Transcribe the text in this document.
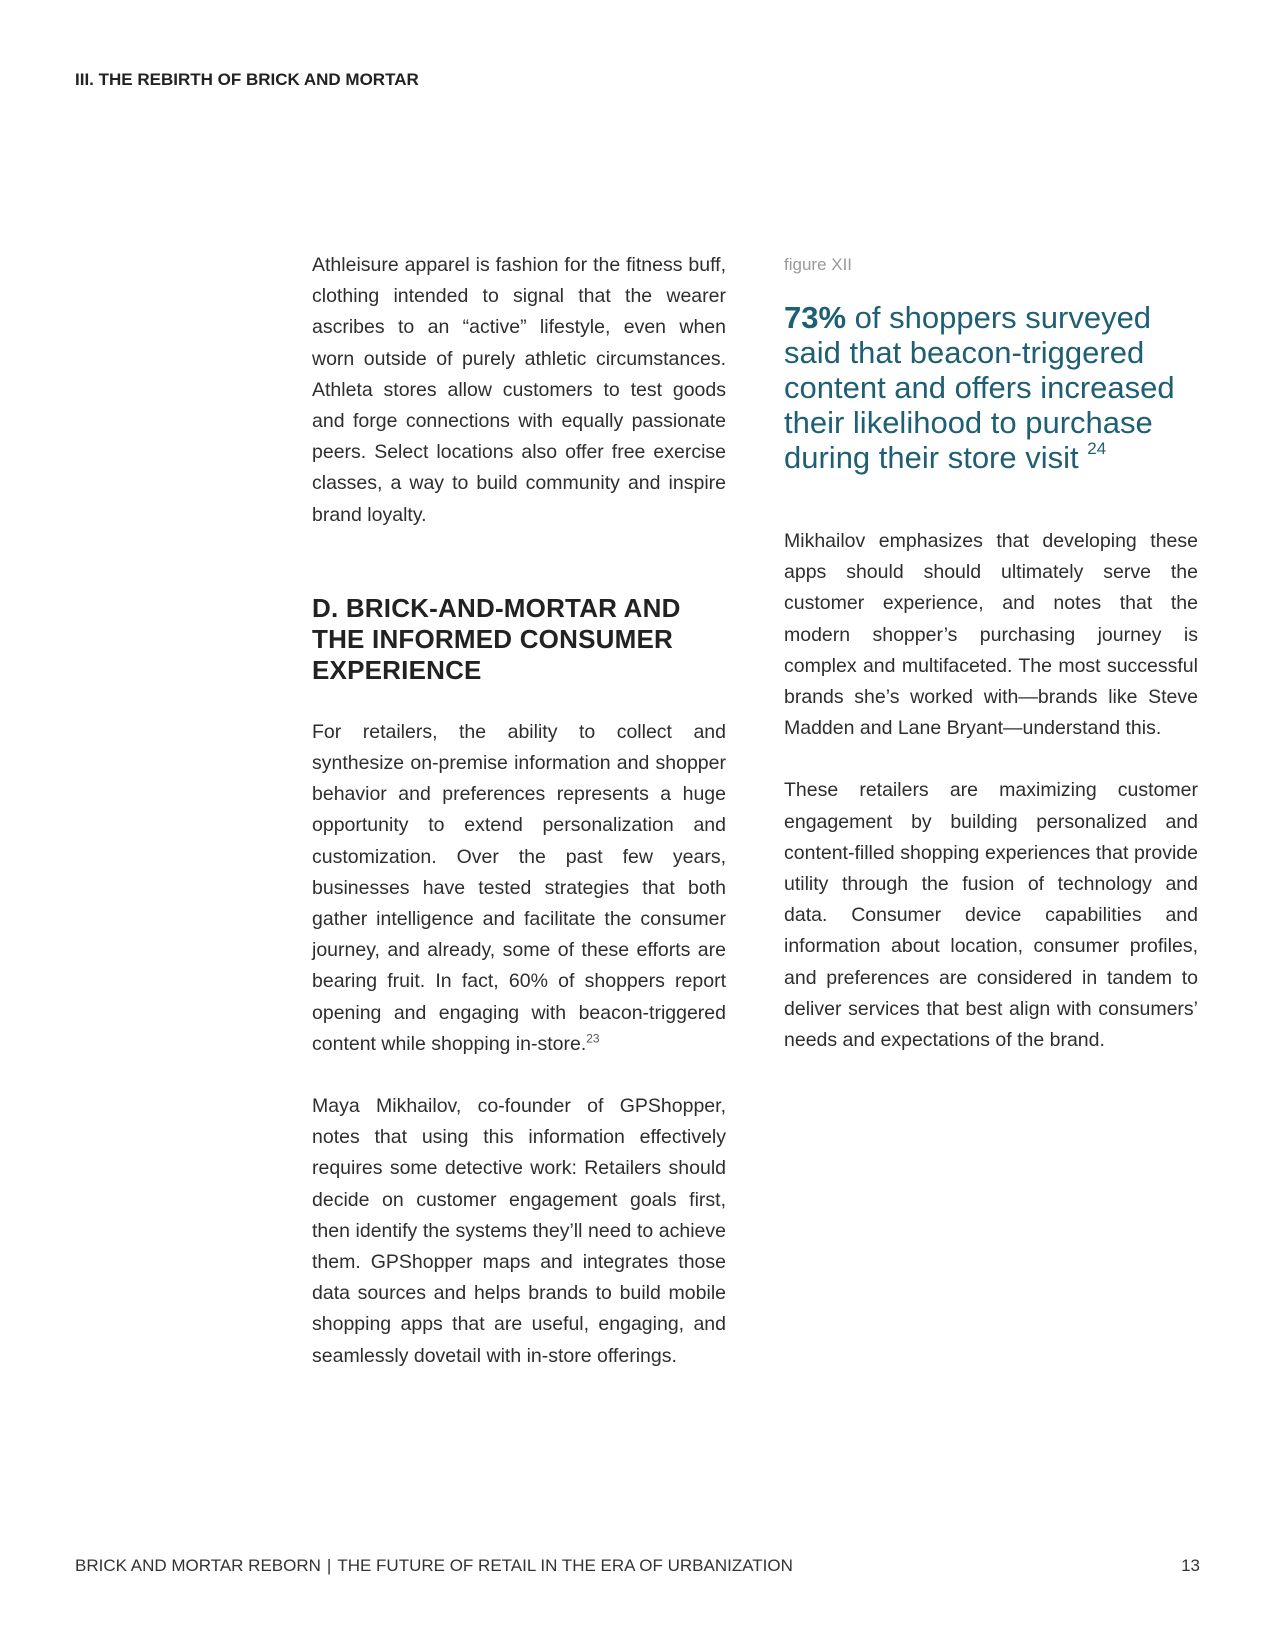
III. THE REBIRTH OF BRICK AND MORTAR

Athleisure apparel is fashion for the fitness buff, clothing intended to signal that the wearer ascribes to an “active” lifestyle, even when worn outside of purely athletic circumstances. Athleta stores allow customers to test goods and forge connections with equally passionate peers. Select locations also offer free exercise classes, a way to build community and inspire brand loyalty.

D. BRICK-AND-MORTAR AND
THE INFORMED CONSUMER
EXPERIENCE

For retailers, the ability to collect and synthesize on-premise information and shopper behavior and preferences represents a huge opportunity to extend personalization and customization. Over the past few years, businesses have tested strategies that both gather intelligence and facilitate the consumer journey, and already, some of these efforts are bearing fruit. In fact, 60% of shoppers report opening and engaging with beacon-triggered content while shopping in-store.$^{23}$

Maya Mikhailov, co-founder of GPShopper, notes that using this information effectively requires some detective work: Retailers should decide on customer engagement goals first, then identify the systems they’ll need to achieve them. GPShopper maps and integrates those data sources and helps brands to build mobile shopping apps that are useful, engaging, and seamlessly dovetail with in-store offerings.

figure XII
73% of shoppers surveyed said that beacon-triggered content and offers increased their likelihood to purchase during their store visit $^{24}$

Mikhailov emphasizes that developing these apps should should ultimately serve the customer experience, and notes that the modern shopper’s purchasing journey is complex and multifaceted. The most successful brands she’s worked with—brands like Steve Madden and Lane Bryant—understand this.

These retailers are maximizing customer engagement by building personalized and content-filled shopping experiences that provide utility through the fusion of technology and data. Consumer device capabilities and information about location, consumer profiles, and preferences are considered in tandem to deliver services that best align with consumers’ needs and expectations of the brand.

BRICK AND MORTAR REBORN | THE FUTURE OF RETAIL IN THE ERA OF URBANIZATION	13
